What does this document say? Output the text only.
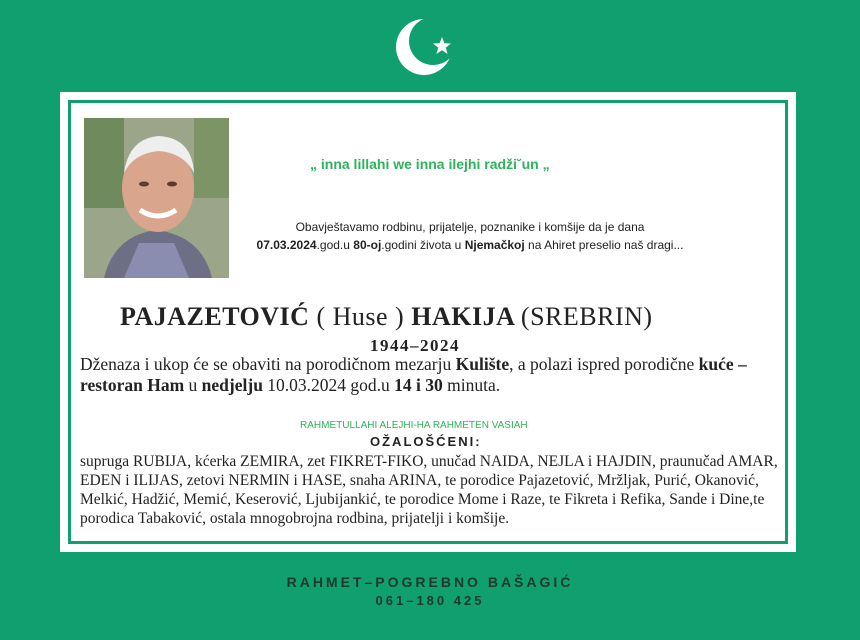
„ inna lillahi we inna ilejhi radži˘un „
Obavještavamo rodbinu, prijatelje, poznanike i komšije da je dana
07.03.2024.god.u 80-oj.godini života u Njemačkoj na Ahiret preselio naš dragi...
PAJAZETOVIĆ ( Huse ) HAKIJA (SREBRIN)
1944–2024
Dženaza i ukop će se obaviti na porodičnom mezarju Kulište, a polazi ispred porodične kuće – restoran Ham u nedjelju 10.03.2024 god.u 14 i 30 minuta.
RAHMETULLAHI ALEJHI-HA RAHMETEN VASIAH
OŽALOŠĆENI:
supruga RUBIJA, kćerka ZEMIRA, zet FIKRET-FIKO, unučad NAIDA, NEJLA i HAJDIN, praunučad AMAR, EDEN i ILIJAS, zetovi NERMIN i HASE, snaha ARINA, te porodice Pajazetović, Mržljak, Purić, Okanović, Melkić, Hadžić, Memić, Keserović, Ljubijankić, te porodice Mome i Raze, te Fikreta i Refika, Sande i Dine,te porodica Tabaković, ostala mnogobrojna rodbina, prijatelji i komšije.
RAHMET–POGREBNO BAŠAGIĆ
061–180 425
